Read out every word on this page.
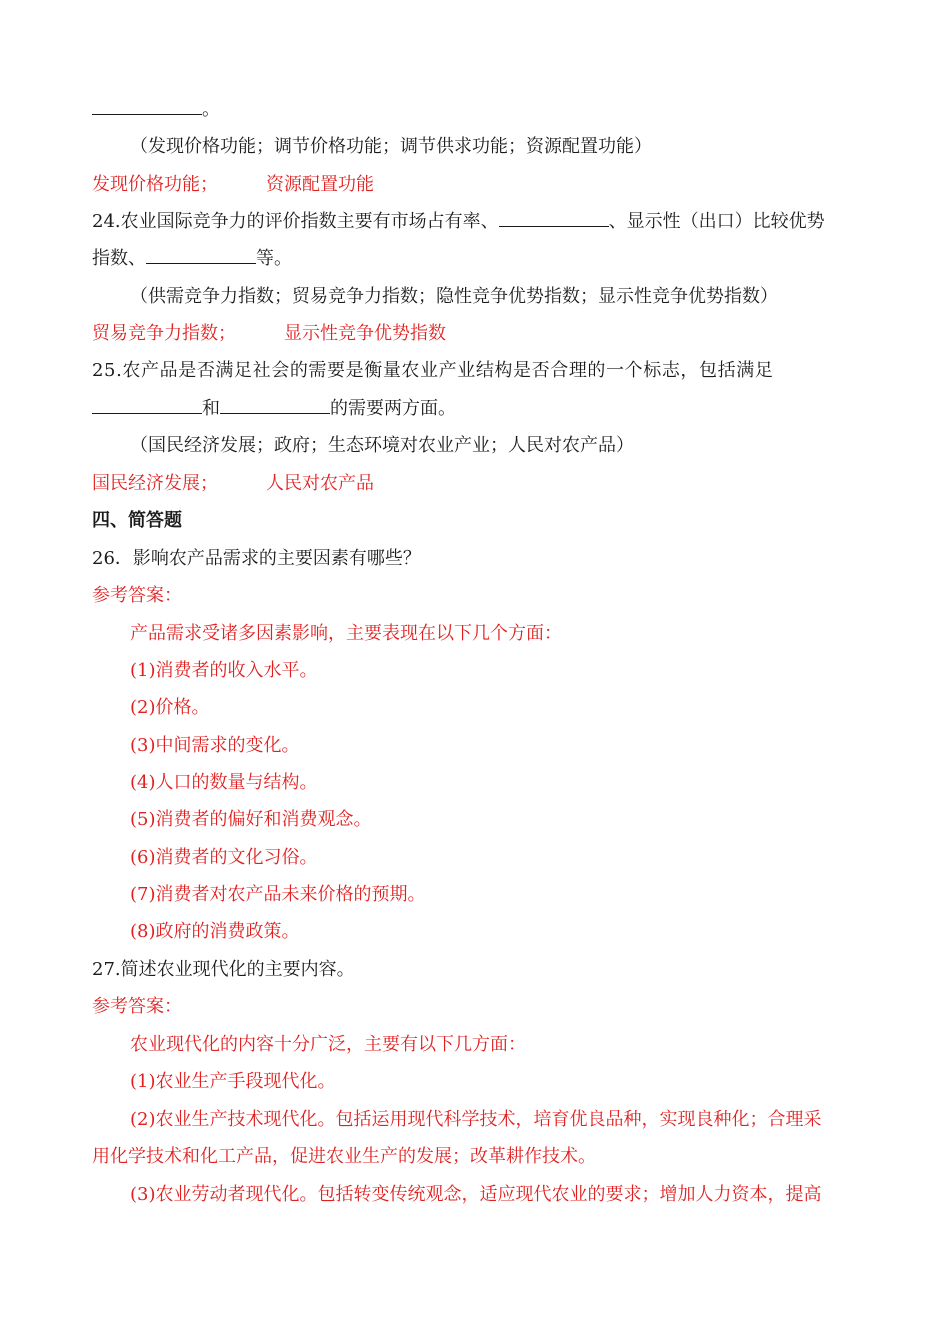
。
（发现价格功能；调节价格功能；调节供求功能；资源配置功能）
发现价格功能；	资源配置功能
24.农业国际竞争力的评价指数主要有市场占有率、	、显示性（出口）比较优势
指数、	等。
（供需竞争力指数；贸易竞争力指数；隐性竞争优势指数；显示性竞争优势指数）
贸易竞争力指数；	显示性竞争优势指数
25.农产品是否满足社会的需要是衡量农业产业结构是否合理的一个标志，包括满足
和	的需要两方面。
（国民经济发展；政府；生态环境对农业产业；人民对农产品）
国民经济发展；	人民对农产品
四、简答题
26．影响农产品需求的主要因素有哪些？
参考答案：
产品需求受诸多因素影响，主要表现在以下几个方面：
(1)消费者的收入水平。
(2)价格。
(3)中间需求的变化。
(4)人口的数量与结构。
(5)消费者的偏好和消费观念。
(6)消费者的文化习俗。
(7)消费者对农产品未来价格的预期。
(8)政府的消费政策。
27.简述农业现代化的主要内容。
参考答案：
农业现代化的内容十分广泛，主要有以下几方面：
(1)农业生产手段现代化。
(2)农业生产技术现代化。包括运用现代科学技术，培育优良品种，实现良种化；合理采
用化学技术和化工产品，促进农业生产的发展；改革耕作技术。
(3)农业劳动者现代化。包括转变传统观念，适应现代农业的要求；增加人力资本，提高
